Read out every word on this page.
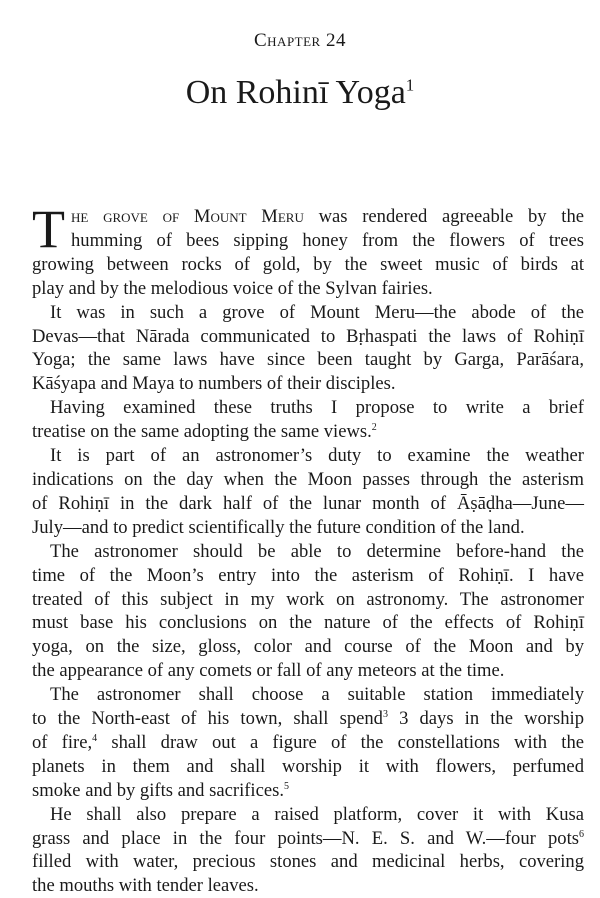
Chapter 24
On Rohinī Yoga$^1$
T he grove of Mount Meru was rendered agreeable by the
humming of bees sipping honey from the flowers of trees
growing between rocks of gold, by the sweet music of birds at
play and by the melodious voice of the Sylvan fairies.
It was in such a grove of Mount Meru—the abode of the
Devas—that Nārada communicated to Bṛhaspati the laws of Rohiṇī
Yoga; the same laws have since been taught by Garga, Parāśara,
Kāśyapa and Maya to numbers of their disciples.
Having examined these truths I propose to write a brief
treatise on the same adopting the same views.$^2$
It is part of an astronomer’s duty to examine the weather
indications on the day when the Moon passes through the asterism
of Rohiṇī in the dark half of the lunar month of Āṣāḍha—June—
July—and to predict scientifically the future condition of the land.
The astronomer should be able to determine before-hand the
time of the Moon’s entry into the asterism of Rohiṇī. I have
treated of this subject in my work on astronomy. The astronomer
must base his conclusions on the nature of the effects of Rohiṇī
yoga, on the size, gloss, color and course of the Moon and by
the appearance of any comets or fall of any meteors at the time.
The astronomer shall choose a suitable station immediately
to the North-east of his town, shall spend$^3$ 3 days in the worship
of fire,$^4$ shall draw out a figure of the constellations with the
planets in them and shall worship it with flowers, perfumed
smoke and by gifts and sacrifices.$^5$
He shall also prepare a raised platform, cover it with Kusa
grass and place in the four points—N. E. S. and W.—four pots$^6$
filled with water, precious stones and medicinal herbs, covering
the mouths with tender leaves.
